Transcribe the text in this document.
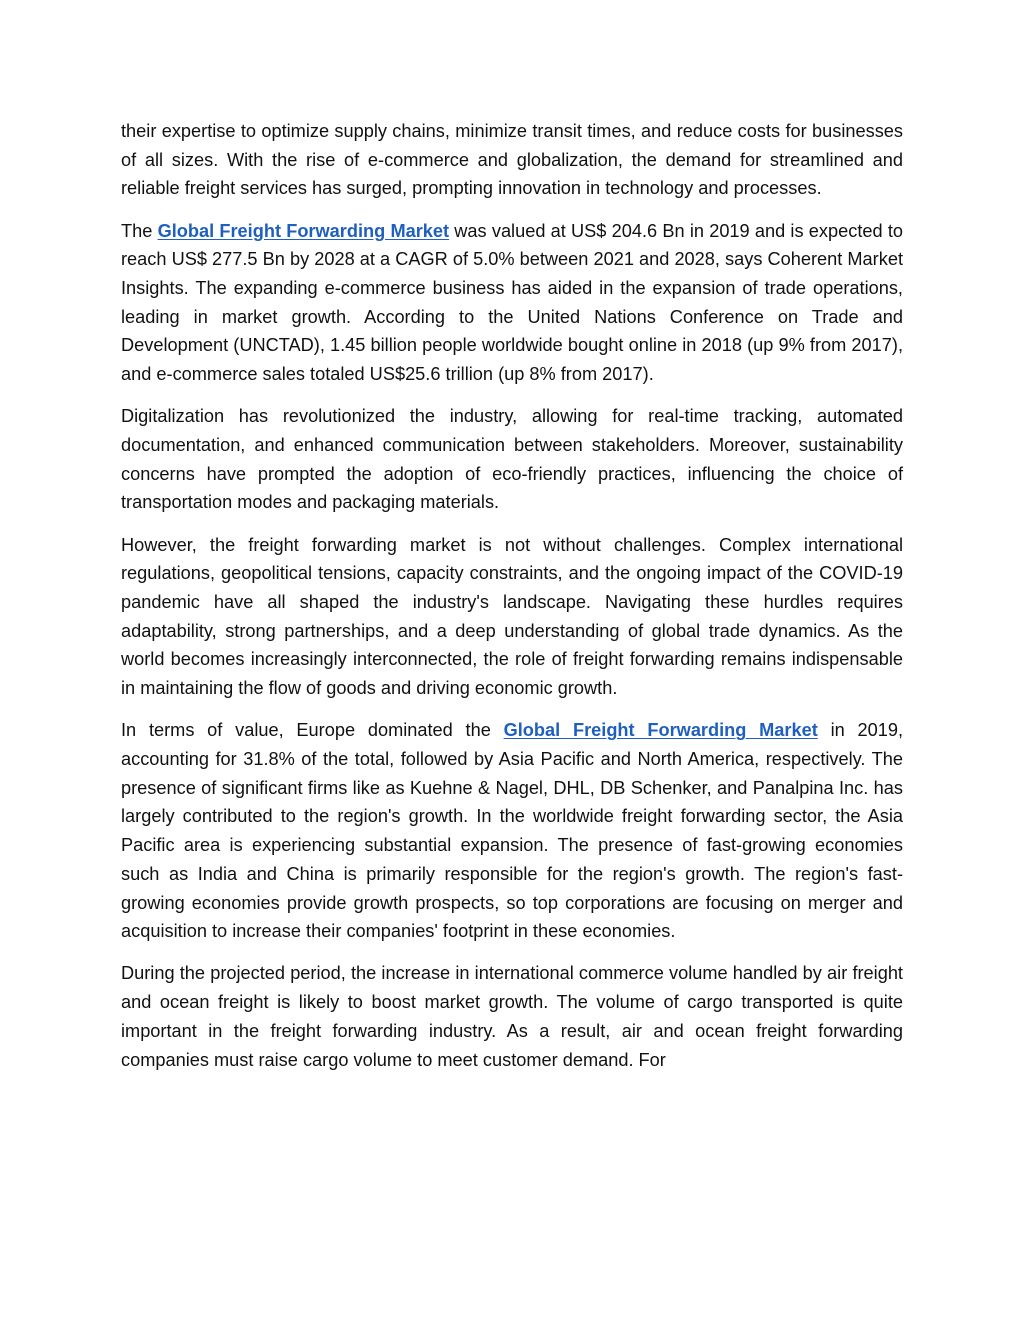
their expertise to optimize supply chains, minimize transit times, and reduce costs for businesses of all sizes. With the rise of e-commerce and globalization, the demand for streamlined and reliable freight services has surged, prompting innovation in technology and processes.

The Global Freight Forwarding Market was valued at US$ 204.6 Bn in 2019 and is expected to reach US$ 277.5 Bn by 2028 at a CAGR of 5.0% between 2021 and 2028, says Coherent Market Insights. The expanding e-commerce business has aided in the expansion of trade operations, leading in market growth. According to the United Nations Conference on Trade and Development (UNCTAD), 1.45 billion people worldwide bought online in 2018 (up 9% from 2017), and e-commerce sales totaled US$25.6 trillion (up 8% from 2017).

Digitalization has revolutionized the industry, allowing for real-time tracking, automated documentation, and enhanced communication between stakeholders. Moreover, sustainability concerns have prompted the adoption of eco-friendly practices, influencing the choice of transportation modes and packaging materials.

However, the freight forwarding market is not without challenges. Complex international regulations, geopolitical tensions, capacity constraints, and the ongoing impact of the COVID-19 pandemic have all shaped the industry's landscape. Navigating these hurdles requires adaptability, strong partnerships, and a deep understanding of global trade dynamics. As the world becomes increasingly interconnected, the role of freight forwarding remains indispensable in maintaining the flow of goods and driving economic growth.

In terms of value, Europe dominated the Global Freight Forwarding Market in 2019, accounting for 31.8% of the total, followed by Asia Pacific and North America, respectively. The presence of significant firms like as Kuehne & Nagel, DHL, DB Schenker, and Panalpina Inc. has largely contributed to the region's growth. In the worldwide freight forwarding sector, the Asia Pacific area is experiencing substantial expansion. The presence of fast-growing economies such as India and China is primarily responsible for the region's growth. The region's fast-growing economies provide growth prospects, so top corporations are focusing on merger and acquisition to increase their companies' footprint in these economies.

During the projected period, the increase in international commerce volume handled by air freight and ocean freight is likely to boost market growth. The volume of cargo transported is quite important in the freight forwarding industry. As a result, air and ocean freight forwarding companies must raise cargo volume to meet customer demand. For
